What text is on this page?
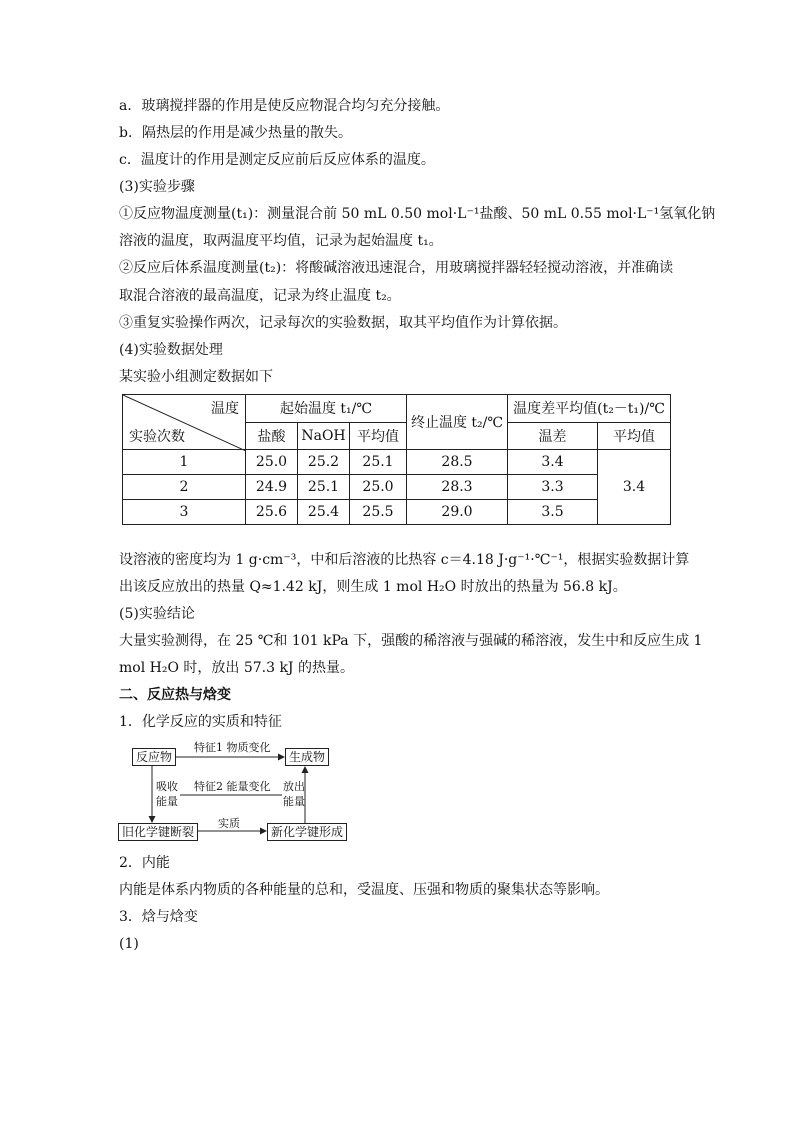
a．玻璃搅拌器的作用是使反应物混合均匀充分接触。
b．隔热层的作用是减少热量的散失。
c．温度计的作用是测定反应前后反应体系的温度。
(3)实验步骤
①反应物温度测量(t₁)：测量混合前 50 mL 0.50 mol·L⁻¹盐酸、50 mL 0.55 mol·L⁻¹氢氧化钠
溶液的温度，取两温度平均值，记录为起始温度 t₁。
②反应后体系温度测量(t₂)：将酸碱溶液迅速混合，用玻璃搅拌器轻轻搅动溶液，并准确读
取混合溶液的最高温度，记录为终止温度 t₂。
③重复实验操作两次，记录每次的实验数据，取其平均值作为计算依据。
(4)实验数据处理
某实验小组测定数据如下
温度
实验次数	起始温度 t₁/℃			终止温度 t₂/℃	温度差平均值(t₂－t₁)/℃	
	盐酸	NaOH	平均值		温差	平均值
1	25.0	25.2	25.1	28.5	3.4	3.4
2	24.9	25.1	25.0	28.3	3.3	
3	25.6	25.4	25.5	29.0	3.5	
设溶液的密度均为 1 g·cm⁻³，中和后溶液的比热容 c＝4.18 J·g⁻¹·℃⁻¹，根据实验数据计算
出该反应放出的热量 Q≈1.42 kJ，则生成 1 mol H₂O 时放出的热量为 56.8 kJ。
(5)实验结论
大量实验测得，在 25 ℃和 101 kPa 下，强酸的稀溶液与强碱的稀溶液，发生中和反应生成 1
mol H₂O 时，放出 57.3 kJ 的热量。
二、反应热与焓变
1．化学反应的实质和特征
反应物	生成物
旧化学键断裂	新化学键形成
特征1 物质变化
特征2 能量变化
吸收
能量
放出
能量
实质
2．内能
内能是体系内物质的各种能量的总和，受温度、压强和物质的聚集状态等影响。
3．焓与焓变
(1)
